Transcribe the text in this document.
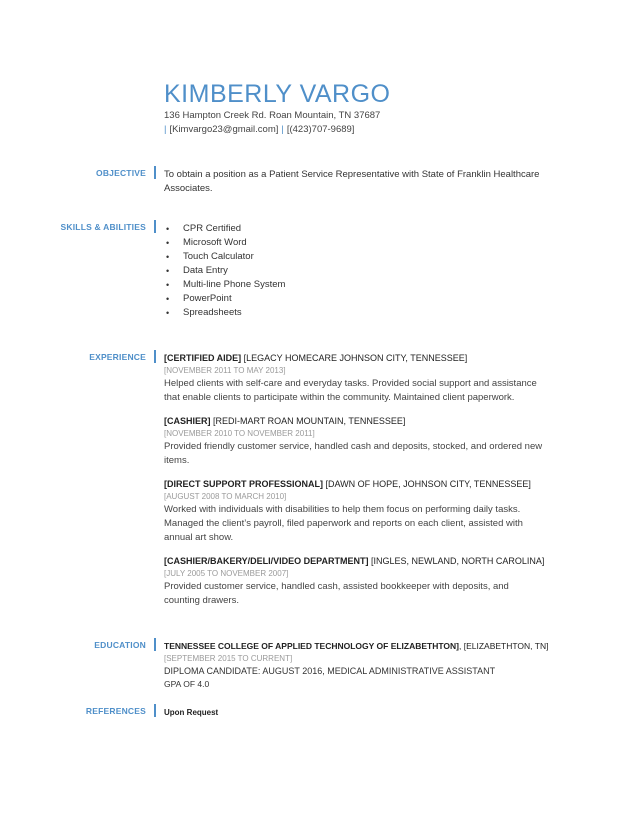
KIMBERLY VARGO
136 Hampton Creek Rd. Roan Mountain, TN 37687
| [Kimvargo23@gmail.com] | [(423)707-9689]
OBJECTIVE To obtain a position as a Patient Service Representative with State of Franklin Healthcare
Associates.
SKILLS & ABILITIES • CPR Certified
• Microsoft Word
• Touch Calculator
• Data Entry
• Multi-line Phone System
• PowerPoint
• Spreadsheets
EXPERIENCE [CERTIFIED AIDE] [LEGACY HOMECARE JOHNSON CITY, TENNESSEE]
[NOVEMBER 2011 TO MAY 2013]
Helped clients with self-care and everyday tasks. Provided social support and assistance
that enable clients to participate within the community. Maintained client paperwork.
[CASHIER] [REDI-MART ROAN MOUNTAIN, TENNESSEE]
[NOVEMBER 2010 TO NOVEMBER 2011]
Provided friendly customer service, handled cash and deposits, stocked, and ordered new
items.
[DIRECT SUPPORT PROFESSIONAL] [DAWN OF HOPE, JOHNSON CITY, TENNESSEE]
[AUGUST 2008 TO MARCH 2010]
Worked with individuals with disabilities to help them focus on performing daily tasks.
Managed the client’s payroll, filed paperwork and reports on each client, assisted with
annual art show.
[CASHIER/BAKERY/DELI/VIDEO DEPARTMENT] [INGLES, NEWLAND, NORTH CAROLINA]
[JULY 2005 TO NOVEMBER 2007]
Provided customer service, handled cash, assisted bookkeeper with deposits, and
counting drawers.
EDUCATION TENNESSEE COLLEGE OF APPLIED TECHNOLOGY OF ELIZABETHTON], [ELIZABETHTON, TN]
[SEPTEMBER 2015 TO CURRENT]
DIPLOMA CANDIDATE: AUGUST 2016, MEDICAL ADMINISTRATIVE ASSISTANT
GPA OF 4.0
REFERENCES Upon Request
